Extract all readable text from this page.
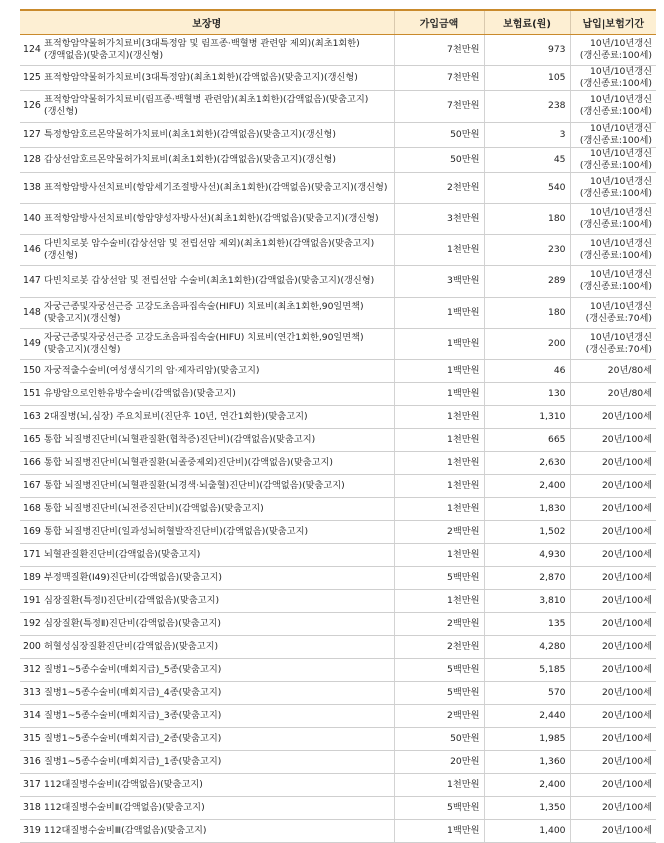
보장명		가입금액	보험료(원)	납입|보험기간
124	표적항암약물허가치료비(3대특정암 및 림프종·백혈병 관련암 제외)(최초1회한)(갱액없음)(맞춤고지)(갱신형)	7천만원	973	10년/10년갱신(갱신종료:100세)
125	표적항암약물허가치료비(3대특정암)(최초1회한)(감액없음)(맞춤고지)(갱신형)	7천만원	105	10년/10년갱신(갱신종료:100세)
126	표적항암약물허가치료비(림프종·백혈병 관련암)(최초1회한)(감액없음)(맞춤고지)(갱신형)	7천만원	238	10년/10년갱신(갱신종료:100세)
127	특정항암호르몬약물허가치료비(최초1회한)(감액없음)(맞춤고지)(갱신형)	50만원	3	10년/10년갱신(갱신종료:100세)
128	갑상선암호르몬약물허가치료비(최초1회한)(감액없음)(맞춤고지)(갱신형)	50만원	45	10년/10년갱신(갱신종료:100세)
138	표적항암방사선치료비(항암세기조절방사선)(최초1회한)(감액없음)(맞춤고지)(갱신형)	2천만원	540	10년/10년갱신(갱신종료:100세)
140	표적항암방사선치료비(항암양성자방사선)(최초1회한)(감액없음)(맞춤고지)(갱신형)	3천만원	180	10년/10년갱신(갱신종료:100세)
146	다빈치로봇 암수술비(갑상선암 및 전립선암 제외)(최초1회한)(감액없음)(맞춤고지)(갱신형)	1천만원	230	10년/10년갱신(갱신종료:100세)
147	다빈치로봇 갑상선암 및 전립선암 수술비(최초1회한)(감액없음)(맞춤고지)(갱신형)	3백만원	289	10년/10년갱신(갱신종료:100세)
148	자궁근종및자궁선근증 고강도초음파집속술(HIFU) 치료비(최초1회한,90일면책)(맞춤고지)(갱신형)	1백만원	180	10년/10년갱신(갱신종료:70세)
149	자궁근종및자궁선근증 고강도초음파집속술(HIFU) 치료비(연간1회한,90일면책)(맞춤고지)(갱신형)	1백만원	200	10년/10년갱신(갱신종료:70세)
150	자궁적출수술비(여성생식기의 암·제자리암)(맞춤고지)	1백만원	46	20년/80세
151	유방암으로인한유방수술비(감액없음)(맞춤고지)	1백만원	130	20년/80세
163	2대질병(뇌,심장) 주요치료비(진단후 10년, 연간1회한)(맞춤고지)	1천만원	1,310	20년/100세
165	통합 뇌질병진단비(뇌혈관질환(협착증)진단비)(감액없음)(맞춤고지)	1천만원	665	20년/100세
166	통합 뇌질병진단비(뇌혈관질환(뇌졸중제외)진단비)(감액없음)(맞춤고지)	1천만원	2,630	20년/100세
167	통합 뇌질병진단비(뇌혈관질환(뇌경색·뇌출혈)진단비)(감액없음)(맞춤고지)	1천만원	2,400	20년/100세
168	통합 뇌질병진단비(뇌전증진단비)(감액없음)(맞춤고지)	1천만원	1,830	20년/100세
169	통합 뇌질병진단비(일과성뇌허혈발작진단비)(감액없음)(맞춤고지)	2백만원	1,502	20년/100세
171	뇌혈관질환진단비(감액없음)(맞춤고지)	1천만원	4,930	20년/100세
189	부정맥질환(Ⅰ49)진단비(감액없음)(맞춤고지)	5백만원	2,870	20년/100세
191	심장질환(특정Ⅰ)진단비(감액없음)(맞춤고지)	1천만원	3,810	20년/100세
192	심장질환(특정Ⅱ)진단비(감액없음)(맞춤고지)	2백만원	135	20년/100세
200	허혈성심장질환진단비(감액없음)(맞춤고지)	2천만원	4,280	20년/100세
312	질병1~5종수술비(매회지급)_5종(맞춤고지)	5백만원	5,185	20년/100세
313	질병1~5종수술비(매회지급)_4종(맞춤고지)	5백만원	570	20년/100세
314	질병1~5종수술비(매회지급)_3종(맞춤고지)	2백만원	2,440	20년/100세
315	질병1~5종수술비(매회지급)_2종(맞춤고지)	50만원	1,985	20년/100세
316	질병1~5종수술비(매회지급)_1종(맞춤고지)	20만원	1,360	20년/100세
317	112대질병수술비Ⅰ(감액없음)(맞춤고지)	1천만원	2,400	20년/100세
318	112대질병수술비Ⅱ(감액없음)(맞춤고지)	5백만원	1,350	20년/100세
319	112대질병수술비Ⅲ(감액없음)(맞춤고지)	1백만원	1,400	20년/100세
